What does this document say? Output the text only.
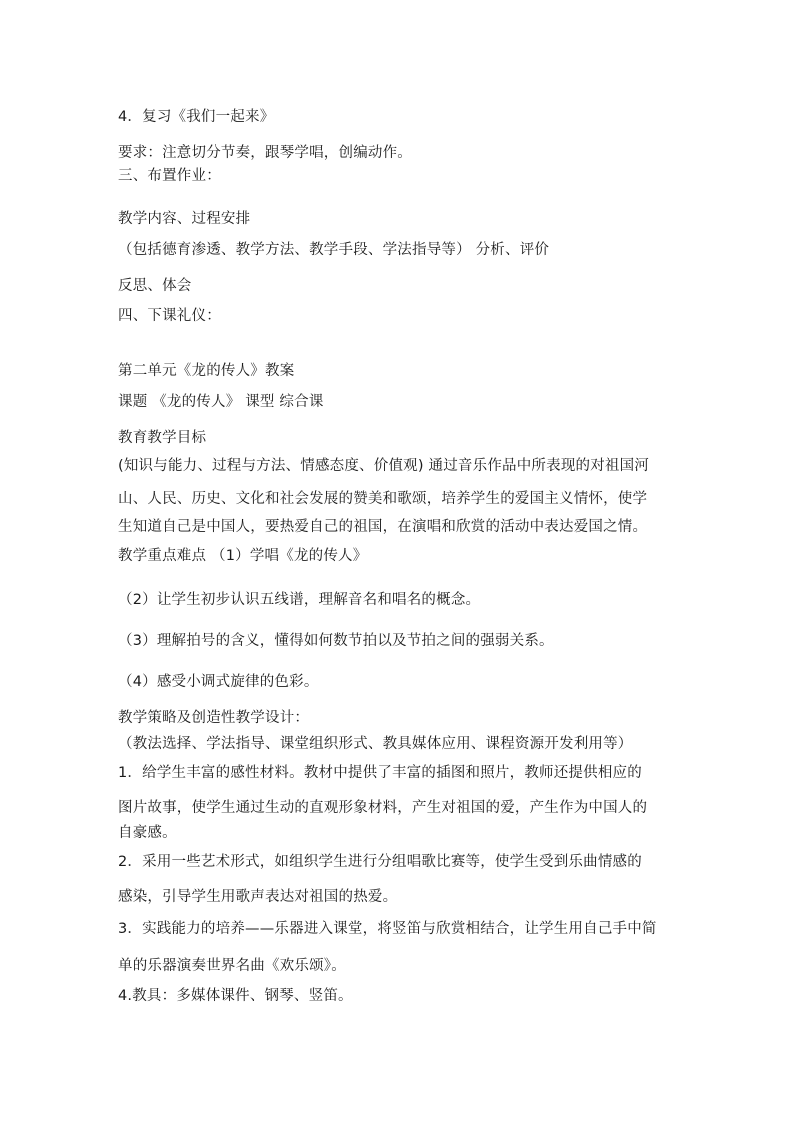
4．复习《我们一起来》
要求：注意切分节奏，跟琴学唱，创编动作。
三、布置作业：
教学内容、过程安排
（包括德育渗透、教学方法、教学手段、学法指导等） 分析、评价
反思、体会
四、下课礼仪：
第二单元《龙的传人》教案
课题 《龙的传人》 课型 综合课
教育教学目标
(知识与能力、过程与方法、情感态度、价值观) 通过音乐作品中所表现的对祖国河
山、人民、历史、文化和社会发展的赞美和歌颂，培养学生的爱国主义情怀，使学
生知道自己是中国人，要热爱自己的祖国，在演唱和欣赏的活动中表达爱国之情。
教学重点难点 （1）学唱《龙的传人》
（2）让学生初步认识五线谱，理解音名和唱名的概念。
（3）理解拍号的含义，懂得如何数节拍以及节拍之间的强弱关系。
（4）感受小调式旋律的色彩。
教学策略及创造性教学设计：
（教法选择、学法指导、课堂组织形式、教具媒体应用、课程资源开发利用等）
1．给学生丰富的感性材料。教材中提供了丰富的插图和照片，教师还提供相应的
图片故事，使学生通过生动的直观形象材料，产生对祖国的爱，产生作为中国人的
自豪感。
2．采用一些艺术形式，如组织学生进行分组唱歌比赛等，使学生受到乐曲情感的
感染，引导学生用歌声表达对祖国的热爱。
3．实践能力的培养——乐器进入课堂，将竖笛与欣赏相结合，让学生用自己手中简
单的乐器演奏世界名曲《欢乐颂》。
4.教具：多媒体课件、钢琴、竖笛。
